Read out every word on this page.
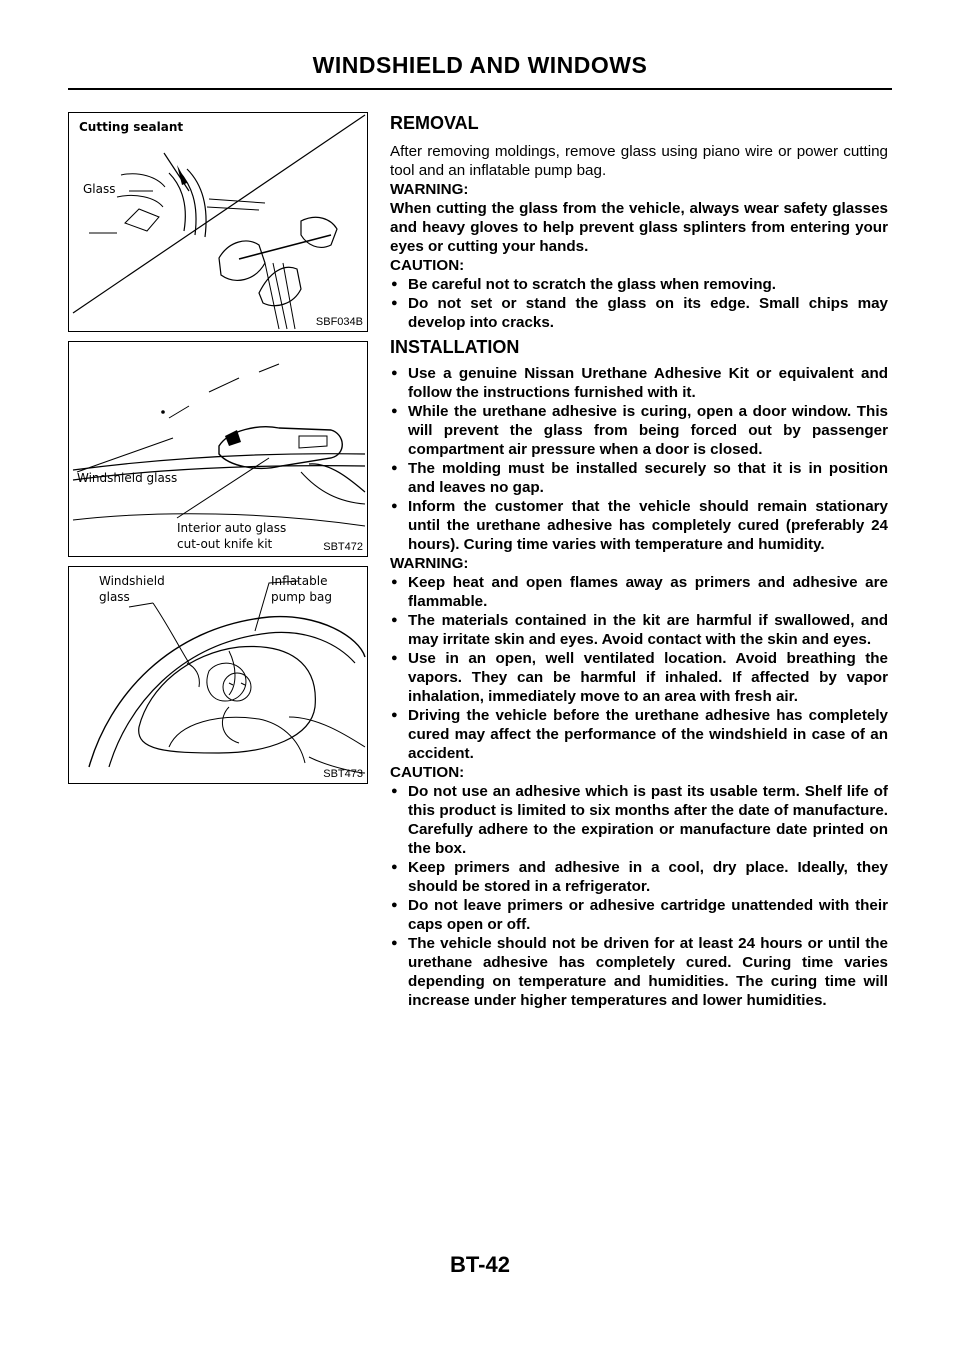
WINDSHIELD AND WINDOWS
Cutting sealant
Glass
SBF034B
Windshield glass
Interior auto glass
cut-out knife kit	SBT472
Windshield
glass
Inflatable
pump bag
SBT473
REMOVAL

After removing moldings, remove glass using piano wire or power cutting tool and an inflatable pump bag.

WARNING:

When cutting the glass from the vehicle, always wear safety glasses and heavy gloves to help prevent glass splinters from entering your eyes or cutting your hands.

CAUTION:

● Be careful not to scratch the glass when removing.
● Do not set or stand the glass on its edge. Small chips may develop into cracks.
INSTALLATION
● Use a genuine Nissan Urethane Adhesive Kit or equivalent and follow the instructions furnished with it.
● While the urethane adhesive is curing, open a door window. This will prevent the glass from being forced out by passenger compartment air pressure when a door is closed.
● The molding must be installed securely so that it is in position and leaves no gap.
● Inform the customer that the vehicle should remain stationary until the urethane adhesive has completely cured (preferably 24 hours). Curing time varies with temperature and humidity.

WARNING:

● Keep heat and open flames away as primers and adhesive are flammable.
● The materials contained in the kit are harmful if swallowed, and may irritate skin and eyes. Avoid contact with the skin and eyes.
● Use in an open, well ventilated location. Avoid breathing the vapors. They can be harmful if inhaled. If affected by vapor inhalation, immediately move to an area with fresh air.
● Driving the vehicle before the urethane adhesive has completely cured may affect the performance of the windshield in case of an accident.

CAUTION:

● Do not use an adhesive which is past its usable term. Shelf life of this product is limited to six months after the date of manufacture. Carefully adhere to the expiration or manufacture date printed on the box.
● Keep primers and adhesive in a cool, dry place. Ideally, they should be stored in a refrigerator.
● Do not leave primers or adhesive cartridge unattended with their caps open or off.
● The vehicle should not be driven for at least 24 hours or until the urethane adhesive has completely cured. Curing time varies depending on temperature and humidities. The curing time will increase under higher temperatures and lower humidities.
BT-42
